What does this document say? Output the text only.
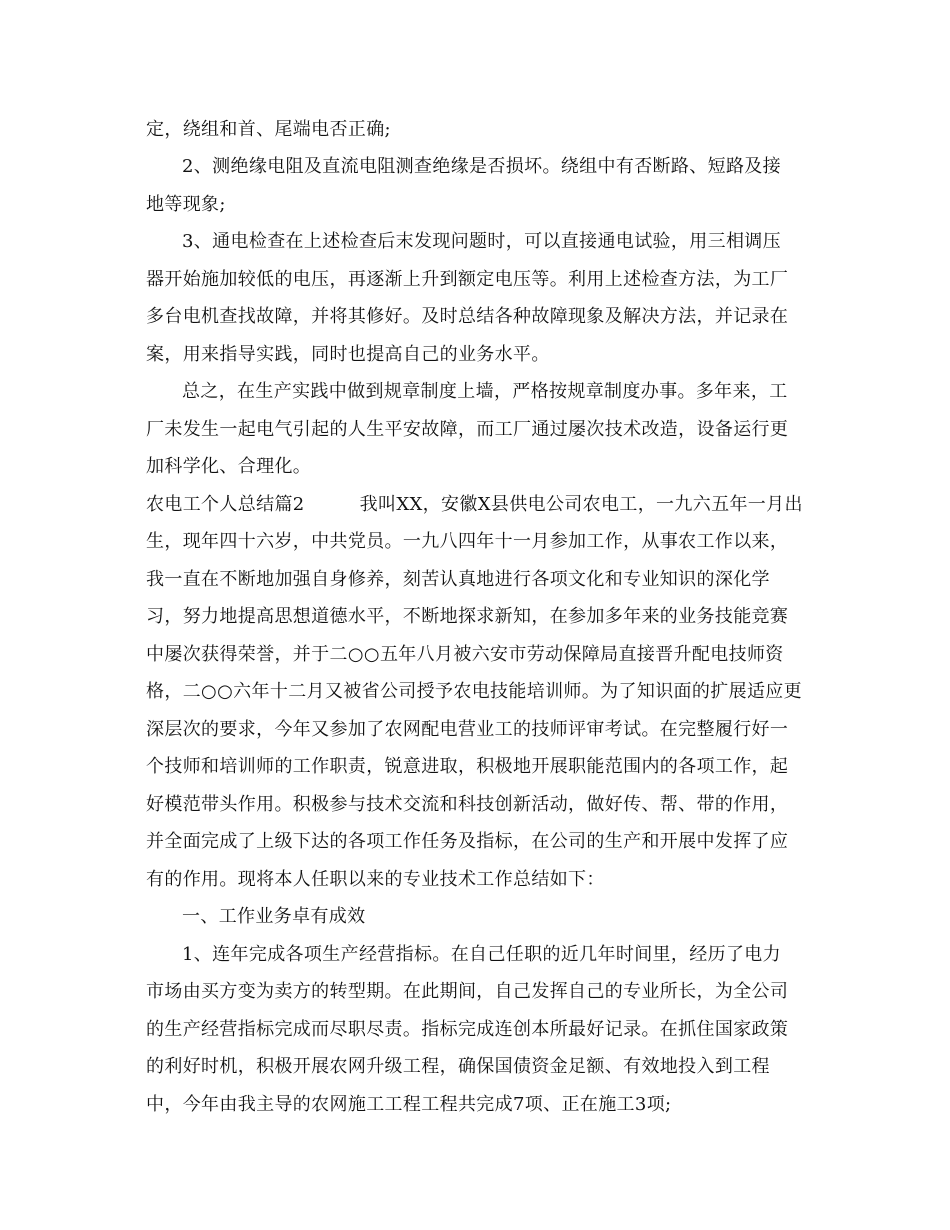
定，绕组和首、尾端电否正确;
2、测绝缘电阻及直流电阻测查绝缘是否损坏。绕组中有否断路、短路及接
地等现象;
3、通电检查在上述检查后末发现问题时，可以直接通电试验，用三相调压
器开始施加较低的电压，再逐渐上升到额定电压等。利用上述检查方法，为工厂
多台电机查找故障，并将其修好。及时总结各种故障现象及解决方法，并记录在
案，用来指导实践，同时也提高自己的业务水平。
总之，在生产实践中做到规章制度上墙，严格按规章制度办事。多年来，工
厂未发生一起电气引起的人生平安故障，而工厂通过屡次技术改造，设备运行更
加科学化、合理化。
农电工个人总结篇2　　　我叫XX，安徽X县供电公司农电工，一九六五年一月出
生，现年四十六岁，中共党员。一九八四年十一月参加工作，从事农工作以来，
我一直在不断地加强自身修养，刻苦认真地进行各项文化和专业知识的深化学
习，努力地提高思想道德水平，不断地探求新知，在参加多年来的业务技能竞赛
中屡次获得荣誉，并于二○○五年八月被六安市劳动保障局直接晋升配电技师资
格，二○○六年十二月又被省公司授予农电技能培训师。为了知识面的扩展适应更
深层次的要求，今年又参加了农网配电营业工的技师评审考试。在完整履行好一
个技师和培训师的工作职责，锐意进取，积极地开展职能范围内的各项工作，起
好模范带头作用。积极参与技术交流和科技创新活动，做好传、帮、带的作用，
并全面完成了上级下达的各项工作任务及指标，在公司的生产和开展中发挥了应
有的作用。现将本人任职以来的专业技术工作总结如下：
一、工作业务卓有成效
1、连年完成各项生产经营指标。在自己任职的近几年时间里，经历了电力
市场由买方变为卖方的转型期。在此期间，自己发挥自己的专业所长，为全公司
的生产经营指标完成而尽职尽责。指标完成连创本所最好记录。在抓住国家政策
的利好时机，积极开展农网升级工程，确保国债资金足额、有效地投入到工程
中，今年由我主导的农网施工工程工程共完成7项、正在施工3项;
